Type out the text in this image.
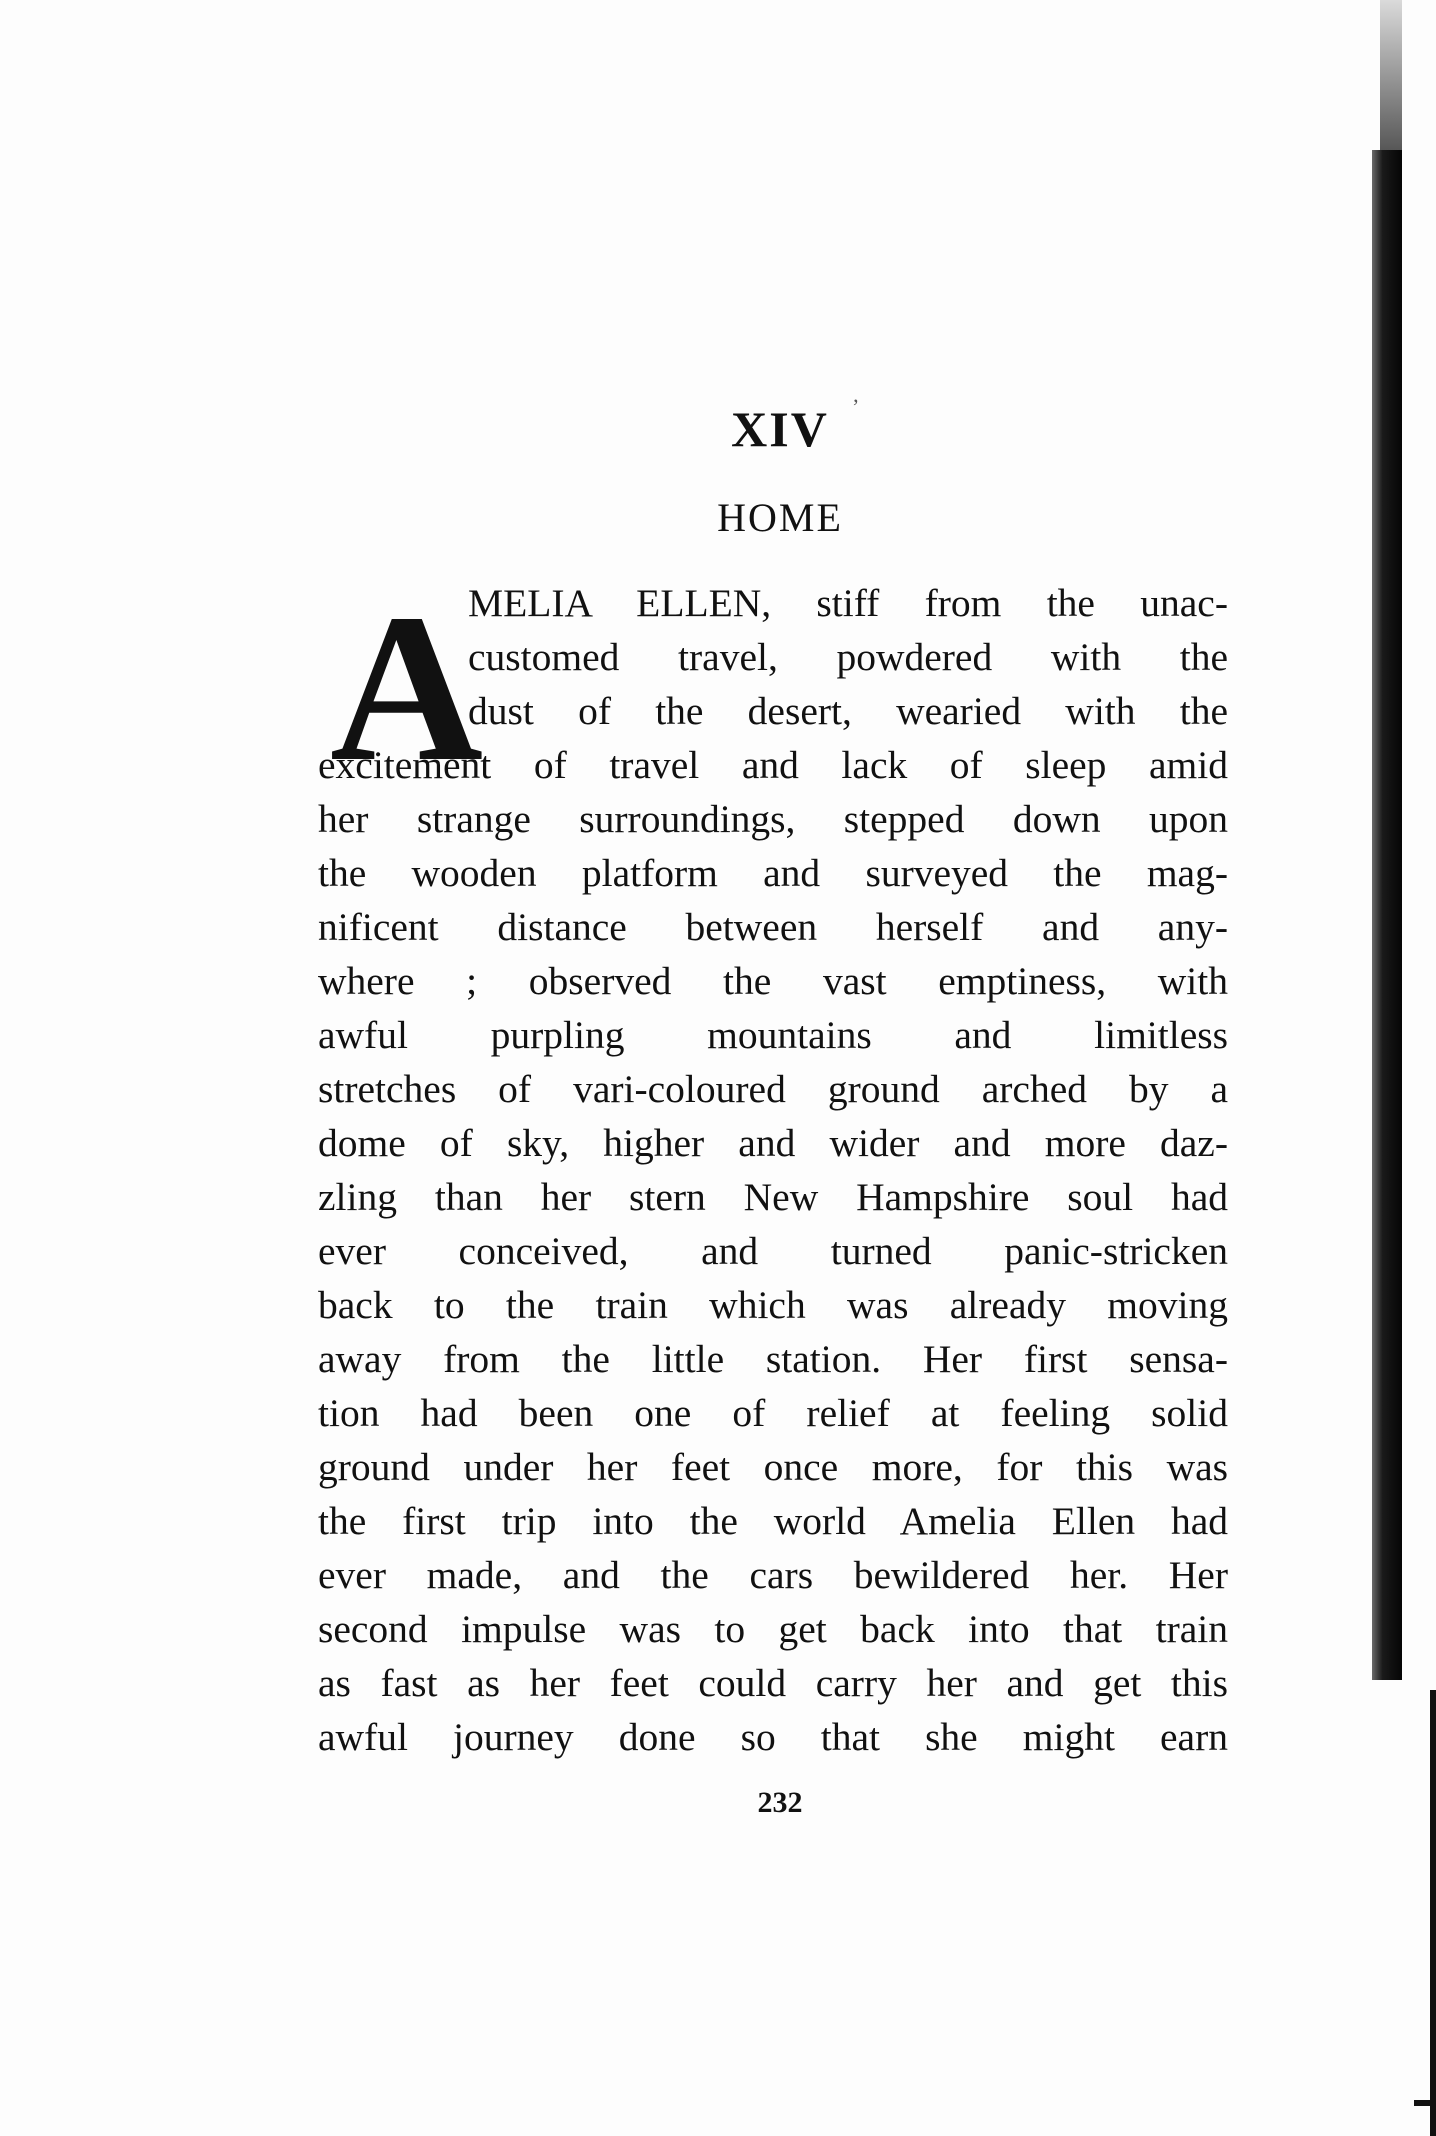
XIV	’
HOME
A
MELIA ELLEN, stiff from the unac-
customed travel, powdered with the
dust of the desert, wearied with the
excitement of travel and lack of sleep amid
her strange surroundings, stepped down upon
the wooden platform and surveyed the mag-
nificent distance between herself and any-
where ; observed the vast emptiness, with
awful purpling mountains and limitless
stretches of vari-coloured ground arched by a
dome of sky, higher and wider and more daz-
zling than her stern New Hampshire soul had
ever conceived, and turned panic-stricken
back to the train which was already moving
away from the little station. Her first sensa-
tion had been one of relief at feeling solid
ground under her feet once more, for this was
the first trip into the world Amelia Ellen had
ever made, and the cars bewildered her. Her
second impulse was to get back into that train
as fast as her feet could carry her and get this
awful journey done so that she might earn
232
